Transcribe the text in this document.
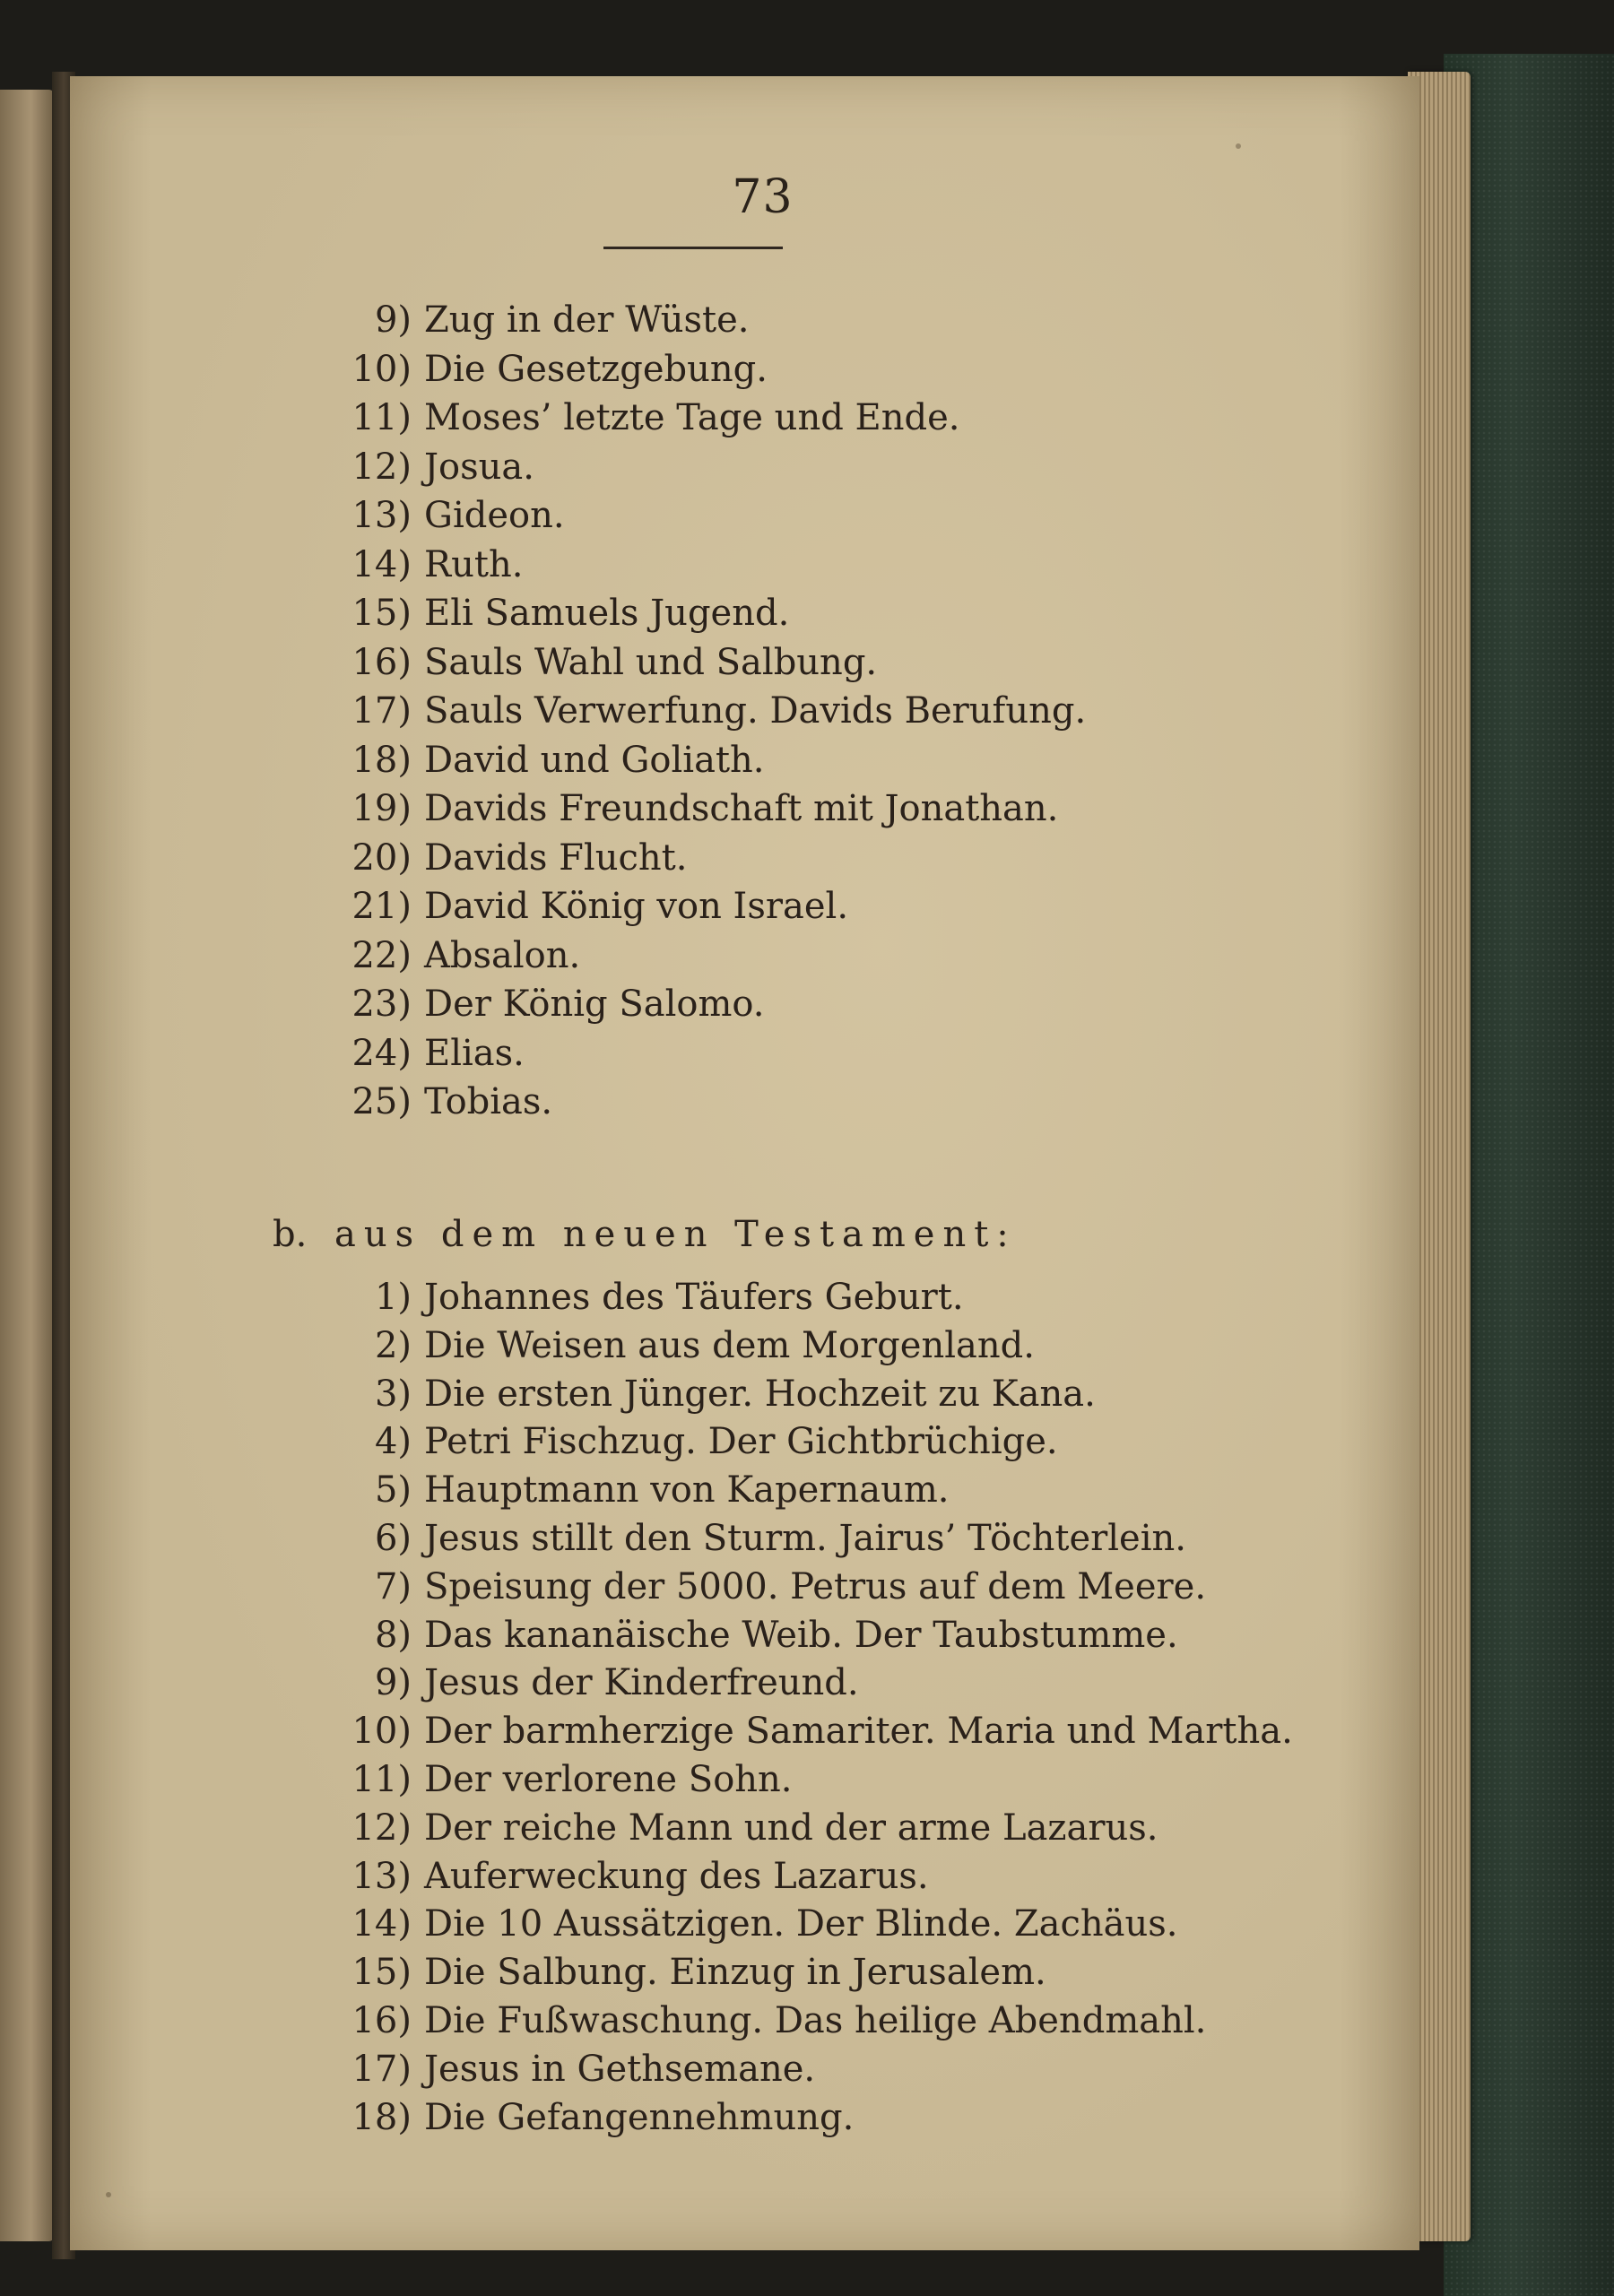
73
9) Zug in der Wüste.
10) Die Gesetzgebung.
11) Moses’ letzte Tage und Ende.
12) Josua.
13) Gideon.
14) Ruth.
15) Eli Samuels Jugend.
16) Sauls Wahl und Salbung.
17) Sauls Verwerfung. Davids Berufung.
18) David und Goliath.
19) Davids Freundschaft mit Jonathan.
20) Davids Flucht.
21) David König von Israel.
22) Absalon.
23) Der König Salomo.
24) Elias.
25) Tobias.
b. aus dem neuen Testament:
1) Johannes des Täufers Geburt.
2) Die Weisen aus dem Morgenland.
3) Die ersten Jünger. Hochzeit zu Kana.
4) Petri Fischzug. Der Gichtbrüchige.
5) Hauptmann von Kapernaum.
6) Jesus stillt den Sturm. Jairus’ Töchterlein.
7) Speisung der 5000. Petrus auf dem Meere.
8) Das kananäische Weib. Der Taubstumme.
9) Jesus der Kinderfreund.
10) Der barmherzige Samariter. Maria und Martha.
11) Der verlorene Sohn.
12) Der reiche Mann und der arme Lazarus.
13) Auferweckung des Lazarus.
14) Die 10 Aussätzigen. Der Blinde. Zachäus.
15) Die Salbung. Einzug in Jerusalem.
16) Die Fußwaschung. Das heilige Abendmahl.
17) Jesus in Gethsemane.
18) Die Gefangennehmung.
